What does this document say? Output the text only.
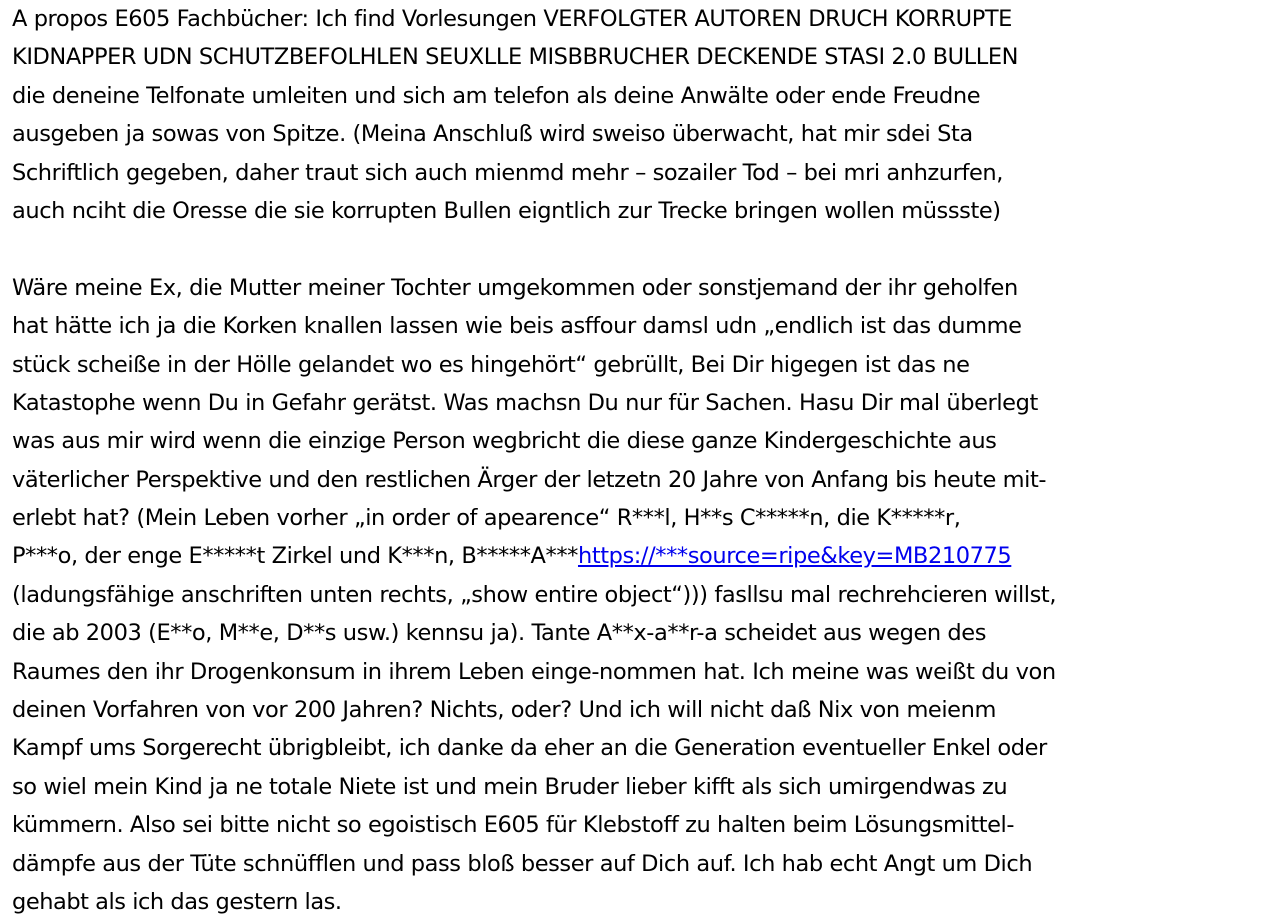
A propos E605 Fachbücher: Ich find Vorlesungen VERFOLGTER AUTOREN DRUCH KORRUPTE
KIDNAPPER UDN SCHUTZBEFOLHLEN SEUXLLE MISBBRUCHER DECKENDE STASI 2.0 BULLEN
die deneine Telfonate umleiten und sich am telefon als deine Anwälte oder ende Freudne
ausgeben ja sowas von Spitze. (Meina Anschluß wird sweiso überwacht, hat mir sdei Sta
Schriftlich gegeben, daher traut sich auch mienmd mehr – sozailer Tod – bei mri anhzurfen,
auch nciht die Oresse die sie korrupten Bullen eigntlich zur Trecke bringen wollen müssste)
Wäre meine Ex, die Mutter meiner Tochter umgekommen oder sonstjemand der ihr geholfen
hat hätte ich ja die Korken knallen lassen wie beis asffour damsl udn „endlich ist das dumme
stück scheiße in der Hölle gelandet wo es hingehört“ gebrüllt, Bei Dir higegen ist das ne
Katastophe wenn Du in Gefahr gerätst. Was machsn Du nur für Sachen. Hasu Dir mal überlegt
was aus mir wird wenn die einzige Person wegbricht die diese ganze Kindergeschichte aus
väterlicher Perspektive und den restlichen Ärger der letzetn 20 Jahre von Anfang bis heute mit-
erlebt hat? (Mein Leben vorher „in order of apearence“ R***l, H**s C*****n, die K*****r,
P***o, der enge E*****t Zirkel und K***n, B*****A***https://***source=ripe&key=MB210775
(ladungsfähige anschriften unten rechts, „show entire object“))) fasllsu mal rechrehcieren willst,
die ab 2003 (E**o, M**e, D**s usw.) kennsu ja). Tante A**x-a**r-a scheidet aus wegen des
Raumes den ihr Drogenkonsum in ihrem Leben einge-nommen hat. Ich meine was weißt du von
deinen Vorfahren von vor 200 Jahren? Nichts, oder? Und ich will nicht daß Nix von meienm
Kampf ums Sorgerecht übrigbleibt, ich danke da eher an die Generation eventueller Enkel oder
so wiel mein Kind ja ne totale Niete ist und mein Bruder lieber kifft als sich umirgendwas zu
kümmern. Also sei bitte nicht so egoistisch E605 für Klebstoff zu halten beim Lösungsmittel-
dämpfe aus der Tüte schnüfflen und pass bloß besser auf Dich auf. Ich hab echt Angt um Dich
gehabt als ich das gestern las.
